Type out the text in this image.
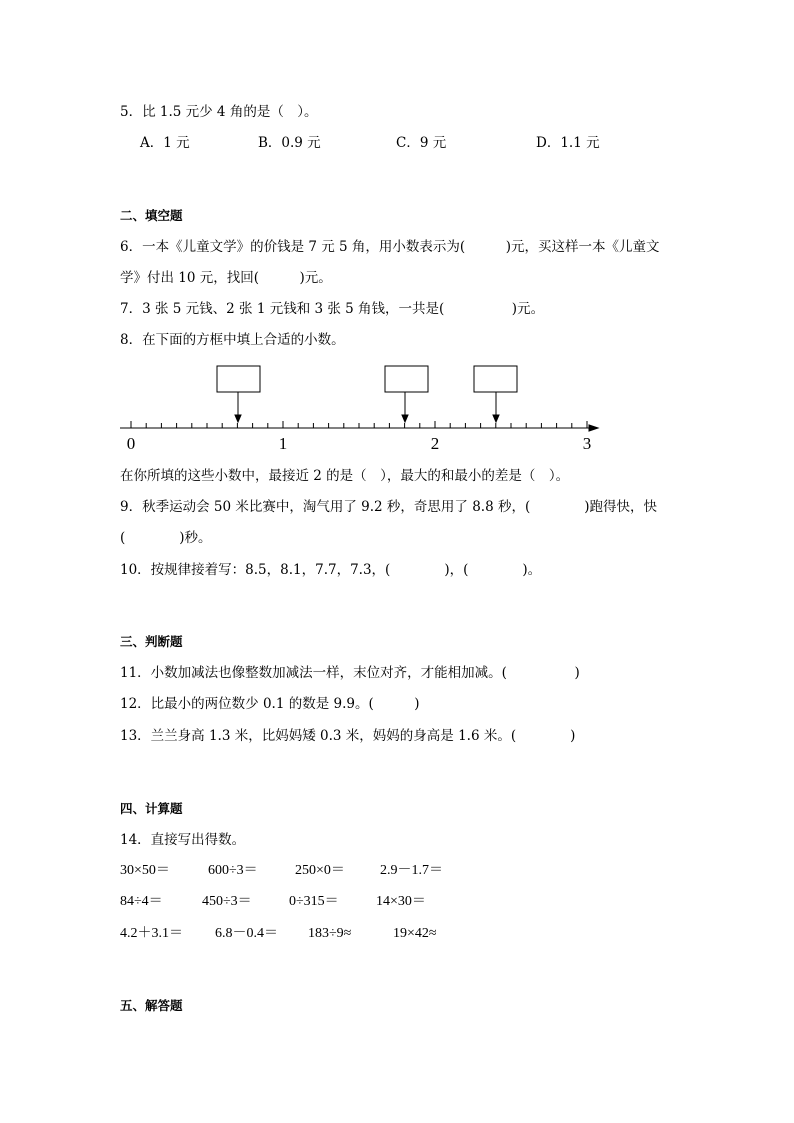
5．比 1.5 元少 4 角的是（　）。
A．1 元	B．0.9 元	C．9 元	D．1.1 元
二、填空题
6．一本《儿童文学》的价钱是 7 元 5 角，用小数表示为(　　　)元，买这样一本《儿童文
学》付出 10 元，找回(　　　)元。
7．3 张 5 元钱、2 张 1 元钱和 3 张 5 角钱，一共是(　　　　　)元。
8．在下面的方框中填上合适的小数。
0	1	2	3
在你所填的这些小数中，最接近 2 的是（　），最大的和最小的差是（　）。
9．秋季运动会 50 米比赛中，淘气用了 9.2 秒，奇思用了 8.8 秒，(　　　　)跑得快，快
(　　　　)秒。
10．按规律接着写：8.5，8.1，7.7，7.3，(　　　　)，(　　　　)。
三、判断题
11．小数加减法也像整数加减法一样，末位对齐，才能相加减。(　　　　　)
12．比最小的两位数少 0.1 的数是 9.9。(　　　)
13．兰兰身高 1.3 米，比妈妈矮 0.3 米，妈妈的身高是 1.6 米。(　　　　)
四、计算题
14．直接写出得数。
30×50＝	600÷3＝	250×0＝	2.9－1.7＝
84÷4＝	450÷3＝	0÷315＝	14×30＝
4.2＋3.1＝ 6.8－0.4＝ 183÷9≈	19×42≈
五、解答题
